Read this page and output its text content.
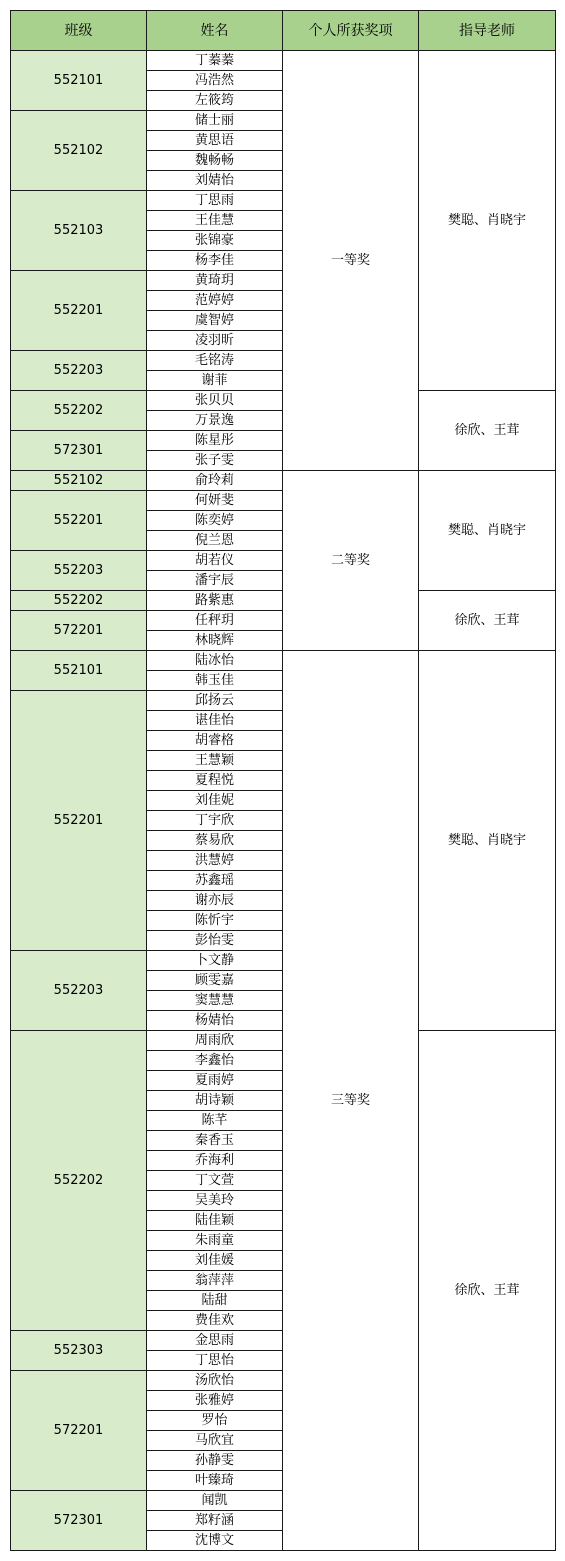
班级	姓名	个人所获奖项	指导老师
552101	丁蓁蓁	一等奖	樊聪、肖晓宇
	冯浩然		
	左筱筠		
552102	储士丽		
	黄思语		
	魏畅畅		
	刘婧怡		
552103	丁思雨		
	王佳慧		
	张锦豪		
	杨李佳		
552201	黄琦玥		
	范婷婷		
	虞智婷		
	凌羽昕		
552203	毛铭涛		
	谢菲		
552202	张贝贝		徐欣、王茸
	万景逸		
572301	陈星彤		
	张子雯		
552102	俞玲莉	二等奖	樊聪、肖晓宇
552201	何妍斐		
	陈奕婷		
	倪兰恩		
552203	胡若仪		
	潘宇辰		
552202	路紫惠		徐欣、王茸
572201	任秤玥		
	林晓辉		
552101	陆冰怡	三等奖	樊聪、肖晓宇
	韩玉佳		
552201	邱扬云		
	谌佳怡		
	胡睿格		
	王慧颖		
	夏程悦		
	刘佳妮		
	丁宇欣		
	蔡易欣		
	洪慧婷		
	苏鑫瑶		
	谢亦辰		
	陈忻宇		
	彭怡雯		
552203	卜文静		
	顾雯嘉		
	窦慧慧		
	杨婧怡		
552202	周雨欣		徐欣、王茸
	李鑫怡		
	夏雨婷		
	胡诗颖		
	陈芊		
	秦香玉		
	乔海利		
	丁文萱		
	吴美玲		
	陆佳颖		
	朱雨童		
	刘佳媛		
	翁萍萍		
	陆甜		
	费佳欢		
552303	金思雨		
	丁思怡		
572201	汤欣怡		
	张雅婷		
	罗怡		
	马欣宜		
	孙静雯		
	叶臻琦		
572301	闻凯		
	郑籽涵		
	沈博文		
